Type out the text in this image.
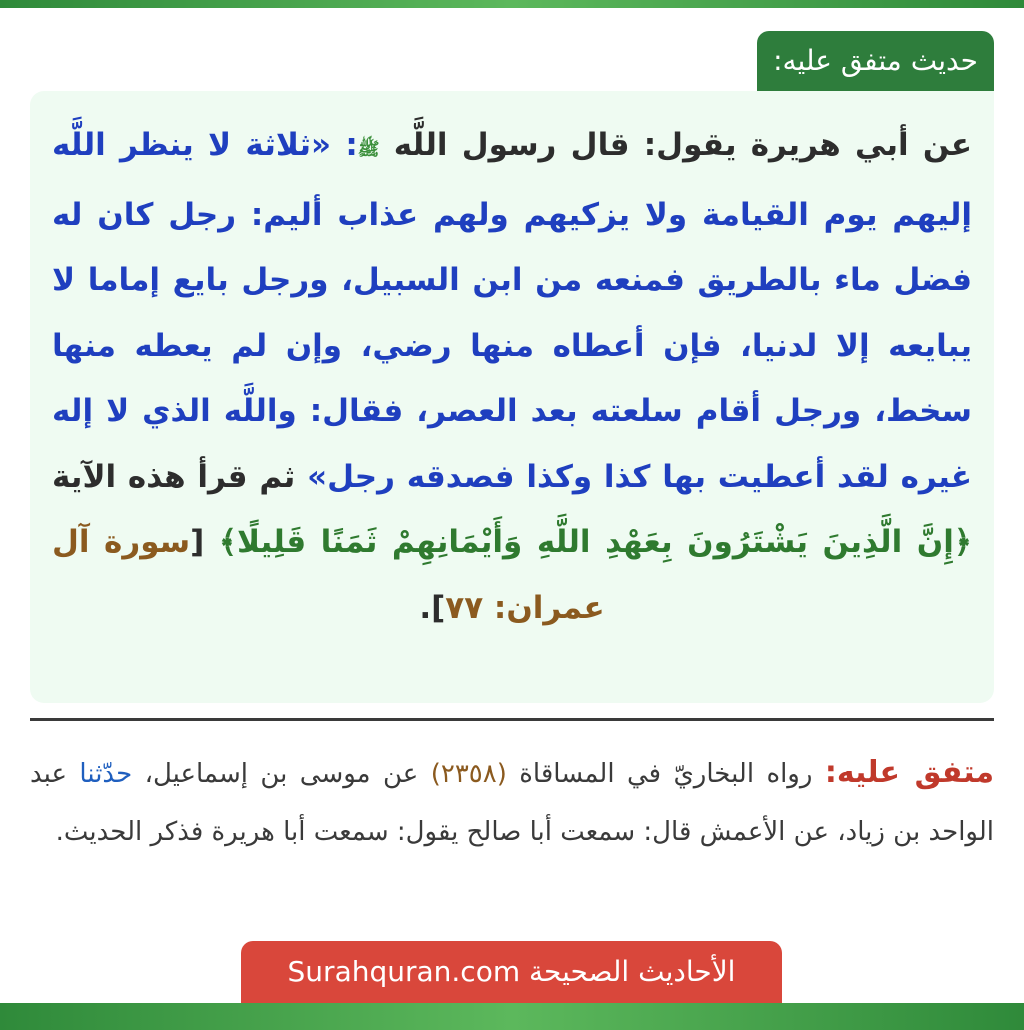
حديث متفق عليه:
عن أبي هريرة يقول: قال رسول اللَّه ﷺ: «ثلاثة لا ينظر اللَّه إليهم يوم القيامة ولا يزكيهم ولهم عذاب أليم: رجل كان له فضل ماء بالطريق فمنعه من ابن السبيل، ورجل بايع إماما لا يبايعه إلا لدنيا، فإن أعطاه منها رضي، وإن لم يعطه منها سخط، ورجل أقام سلعته بعد العصر، فقال: واللَّه الذي لا إله غيره لقد أعطيت بها كذا وكذا فصدقه رجل» ثم قرأ هذه الآية ﴿إِنَّ الَّذِينَ يَشْتَرُونَ بِعَهْدِ اللَّهِ وَأَيْمَانِهِمْ ثَمَنًا قَلِيلًا﴾ [سورة آل عمران: ٧٧].
متفق عليه: رواه البخاريّ في المساقاة (٢٣٥٨) عن موسى بن إسماعيل، حدّثنا عبد الواحد بن زياد، عن الأعمش قال: سمعت أبا صالح يقول: سمعت أبا هريرة فذكر الحديث.
الأحاديث الصحيحة Surahquran.com
